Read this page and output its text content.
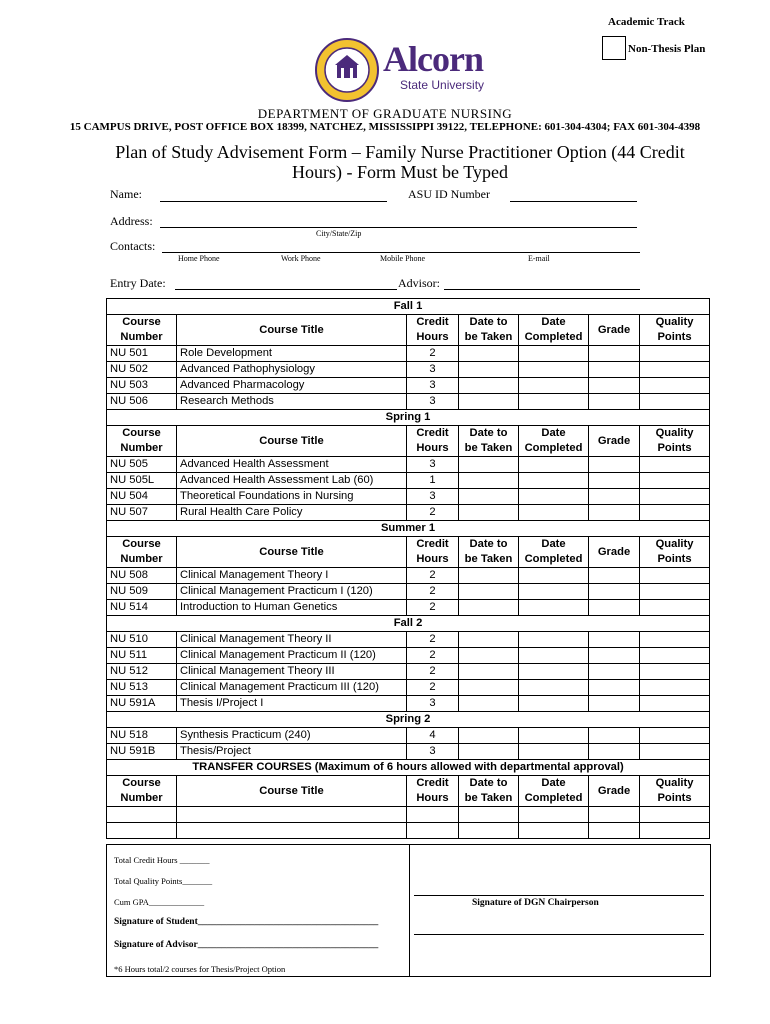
Academic Track
Non-Thesis Plan
Alcorn
State University
DEPARTMENT OF GRADUATE NURSING
15 CAMPUS DRIVE, POST OFFICE BOX 18399, NATCHEZ, MISSISSIPPI 39122, TELEPHONE: 601-304-4304; FAX 601-304-4398
Plan of Study Advisement Form – Family Nurse Practitioner Option (44 Credit Hours) - Form Must be Typed
Name:	ASU ID Number
Address:
City/State/Zip
Contacts:
Home Phone	Work Phone	Mobile Phone	E-mail
Entry Date:	Advisor:
Fall 1						
Course Number	Course Title	Credit Hours	Date to be Taken	Date Completed	Grade	Quality Points
NU 501	Role Development	2				
NU 502	Advanced Pathophysiology	3				
NU 503	Advanced Pharmacology	3				
NU 506	Research Methods	3				
Spring 1						
Course Number	Course Title	Credit Hours	Date to be Taken	Date Completed	Grade	Quality Points
NU 505	Advanced Health Assessment	3				
NU 505L	Advanced Health Assessment Lab (60)	1				
NU 504	Theoretical Foundations in Nursing	3				
NU 507	Rural Health Care Policy	2				
Summer 1						
Course Number	Course Title	Credit Hours	Date to be Taken	Date Completed	Grade	Quality Points
NU 508	Clinical Management Theory I	2				
NU 509	Clinical Management Practicum I (120)	2				
NU 514	Introduction to Human Genetics	2				
Fall 2						
NU 510	Clinical Management Theory II	2				
NU 511	Clinical Management Practicum II (120)	2				
NU 512	Clinical Management Theory III	2				
NU 513	Clinical Management Practicum III (120)	2				
NU 591A	Thesis I/Project I	3				
Spring 2						
NU 518	Synthesis Practicum (240)	4				
NU 591B	Thesis/Project	3				
TRANSFER COURSES (Maximum of 6 hours allowed with departmental approval)						
Course Number	Course Title	Credit Hours	Date to be Taken	Date Completed	Grade	Quality Points

Total Credit Hours _______
Total Quality Points_______
Cum GPA_____________
Signature of Student______________________________________
Signature of Advisor______________________________________
*6 Hours total/2 courses for Thesis/Project Option
Signature of DGN Chairperson
